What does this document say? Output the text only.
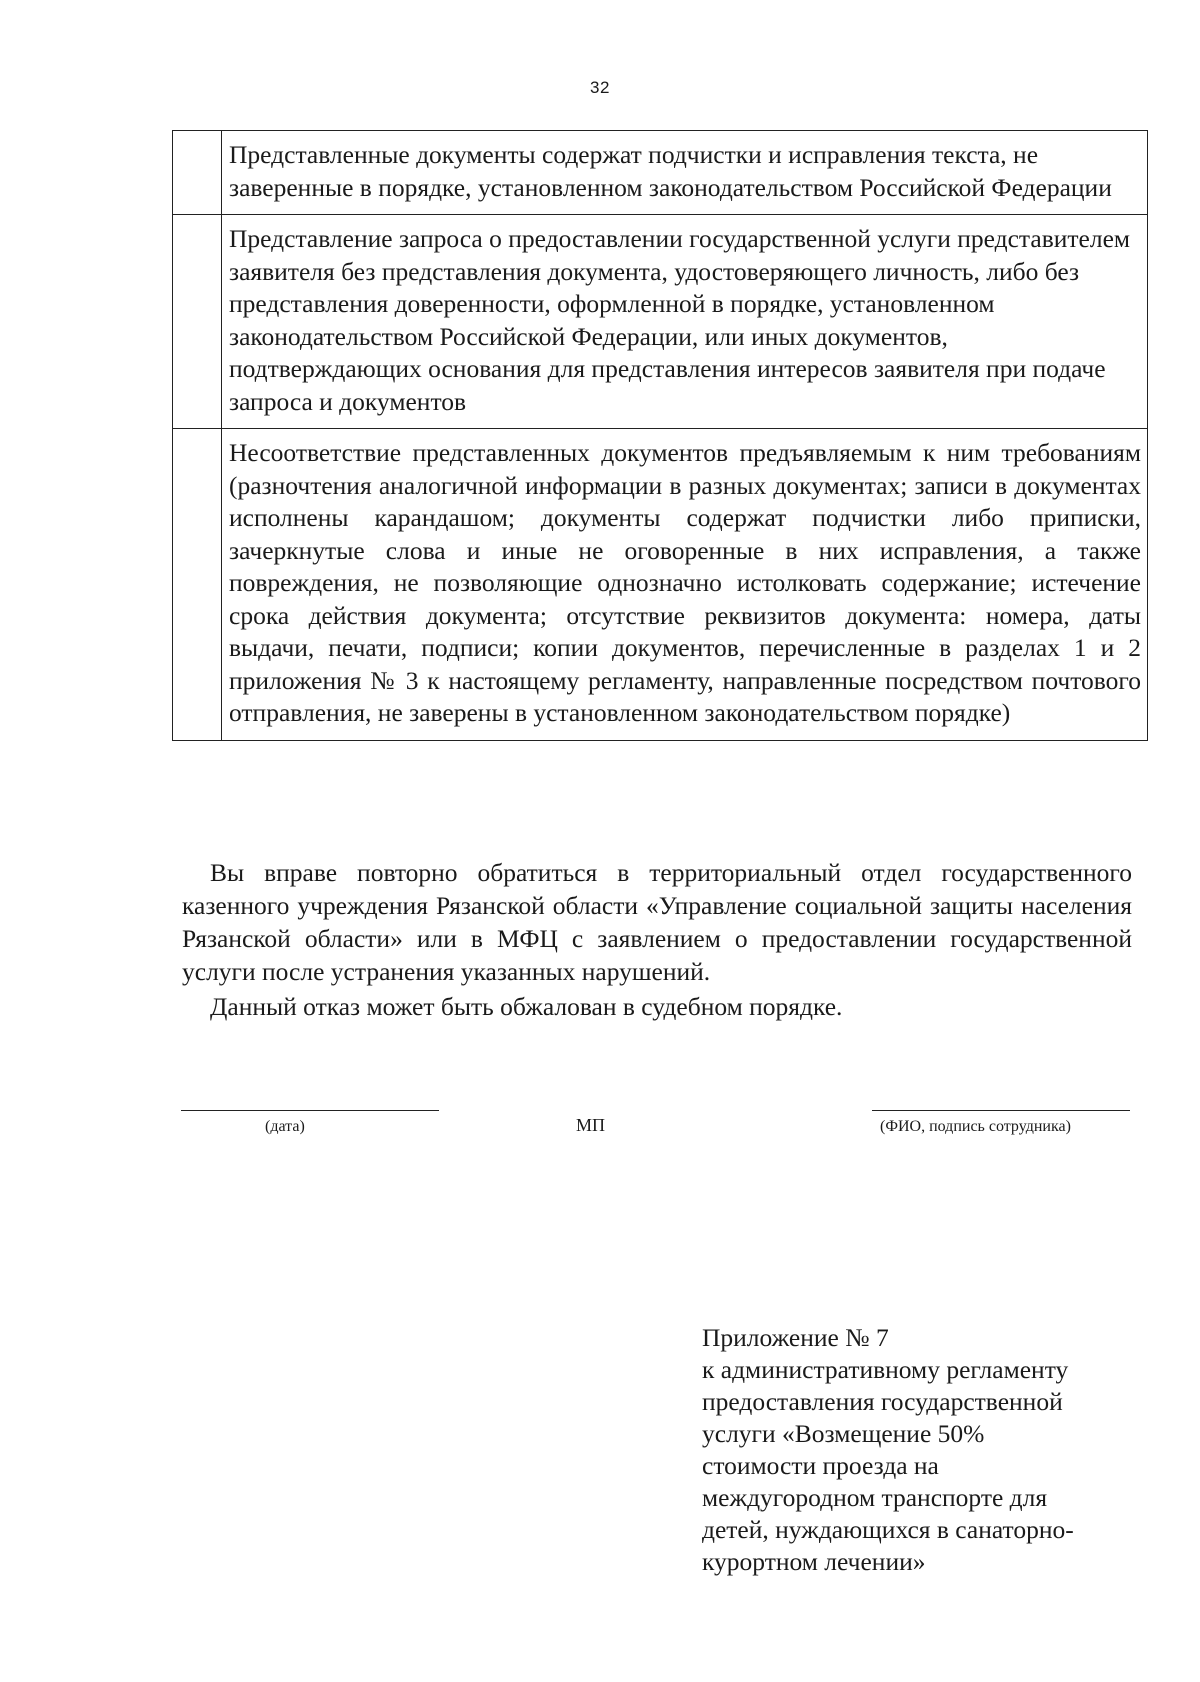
32
	Представленные документы содержат подчистки и исправления текста, не заверенные в порядке, установленном законодательством Российской Федерации
	Представление запроса о предоставлении государственной услуги представителем заявителя без представления документа, удостоверяющего личность, либо без представления доверенности, оформленной в порядке, установленном законодательством Российской Федерации, или иных документов, подтверждающих основания для представления интересов заявителя при подаче запроса и документов
	Несоответствие представленных документов предъявляемым к ним требованиям (разночтения аналогичной информации в разных документах; записи в документах исполнены карандашом; документы содержат подчистки либо приписки, зачеркнутые слова и иные не оговоренные в них исправления, а также повреждения, не позволяющие однозначно истолковать содержание; истечение срока действия документа; отсутствие реквизитов документа: номера, даты выдачи, печати, подписи; копии документов, перечисленные в разделах 1 и 2 приложения № 3 к настоящему регламенту, направленные посредством почтового отправления, не заверены в установленном законодательством порядке)

Вы вправе повторно обратиться в территориальный отдел государственного казенного учреждения Рязанской области «Управление социальной защиты населения Рязанской области» или в МФЦ с заявлением о предоставлении государственной услуги после устранения указанных нарушений.

Данный отказ может быть обжалован в судебном порядке.

(дата)	МП	(ФИО, подпись сотрудника)
Приложение № 7
к административному регламенту
предоставления государственной
услуги «Возмещение 50%
стоимости проезда на
междугородном транспорте для
детей, нуждающихся в санаторно-
курортном лечении»
